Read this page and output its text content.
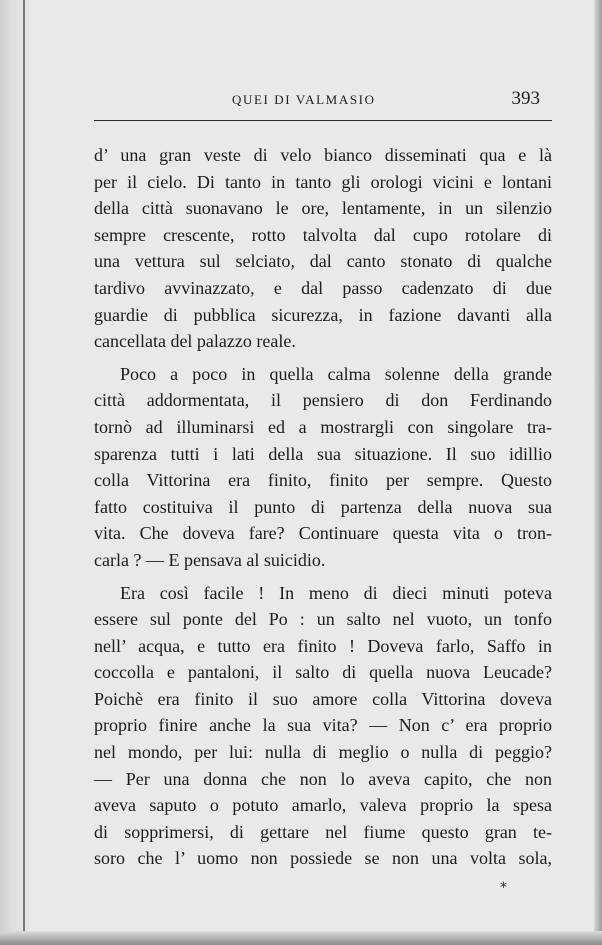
QUEI DI VALMASIO	393
d’ una gran veste di velo bianco disseminati qua e là
per il cielo. Di tanto in tanto gli orologi vicini e lontani
della città suonavano le ore, lentamente, in un silenzio
sempre crescente, rotto talvolta dal cupo rotolare di
una vettura sul selciato, dal canto stonato di qualche
tardivo avvinazzato, e dal passo cadenzato di due
guardie di pubblica sicurezza, in fazione davanti alla
cancellata del palazzo reale.
Poco a poco in quella calma solenne della grande
città addormentata, il pensiero di don Ferdinando
tornò ad illuminarsi ed a mostrargli con singolare tra-
sparenza tutti i lati della sua situazione. Il suo idillio
colla Vittorina era finito, finito per sempre. Questo
fatto costituiva il punto di partenza della nuova sua
vita. Che doveva fare? Continuare questa vita o tron-
carla ? — E pensava al suicidio.
Era così facile ! In meno di dieci minuti poteva
essere sul ponte del Po : un salto nel vuoto, un tonfo
nell’ acqua, e tutto era finito ! Doveva farlo, Saffo in
coccolla e pantaloni, il salto di quella nuova Leucade?
Poichè era finito il suo amore colla Vittorina doveva
proprio finire anche la sua vita? — Non c’ era proprio
nel mondo, per lui: nulla di meglio o nulla di peggio?
— Per una donna che non lo aveva capito, che non
aveva saputo o potuto amarlo, valeva proprio la spesa
di sopprimersi, di gettare nel fiume questo gran te-
soro che l’ uomo non possiede se non una volta sola,
*
